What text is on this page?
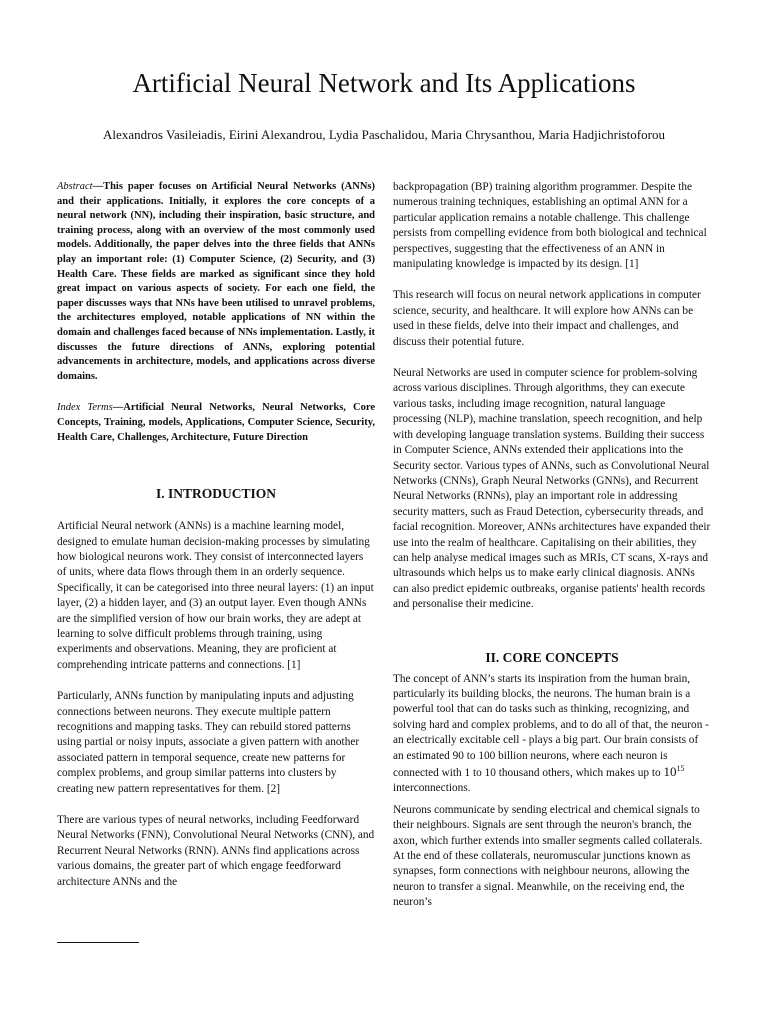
Artificial Neural Network and Its Applications
Alexandros Vasileiadis, Eirini Alexandrou, Lydia Paschalidou, Maria Chrysanthou, Maria Hadjichristoforou

Abstract—This paper focuses on Artificial Neural Networks (ANNs) and their applications. Initially, it explores the core concepts of a neural network (NN), including their inspiration, basic structure, and training process, along with an overview of the most commonly used models. Additionally, the paper delves into the three fields that ANNs play an important role: (1) Computer Science, (2) Security, and (3) Health Care. These fields are marked as significant since they hold great impact on various aspects of society. For each one field, the paper discusses ways that NNs have been utilised to unravel problems, the architectures employed, notable applications of NN within the domain and challenges faced because of NNs implementation. Lastly, it discusses the future directions of ANNs, exploring potential advancements in architecture, models, and applications across diverse domains.

Index Terms—Artificial Neural Networks, Neural Networks, Core Concepts, Training, models, Applications, Computer Science, Security, Health Care, Challenges, Architecture, Future Direction

I. INTRODUCTION

Artificial Neural network (ANNs) is a machine learning model, designed to emulate human decision-making processes by simulating how biological neurons work. They consist of interconnected layers of units, where data flows through them in an orderly sequence. Specifically, it can be categorised into three neural layers: (1) an input layer, (2) a hidden layer, and (3) an output layer. Even though ANNs are the simplified version of how our brain works, they are adept at learning to solve difficult problems through training, using experiments and observations. Meaning, they are proficient at comprehending intricate patterns and connections. [1]

Particularly, ANNs function by manipulating inputs and adjusting connections between neurons. They execute multiple pattern recognitions and mapping tasks. They can rebuild stored patterns using partial or noisy inputs, associate a given pattern with another associated pattern in temporal sequence, create new patterns for complex problems, and group similar patterns into clusters by creating new pattern representatives for them. [2]

There are various types of neural networks, including Feedforward Neural Networks (FNN), Convolutional Neural Networks (CNN), and Recurrent Neural Networks (RNN). ANNs find applications across various domains, the greater part of which engage feedforward architecture ANNs and the

backpropagation (BP) training algorithm programmer. Despite the numerous training techniques, establishing an optimal ANN for a particular application remains a notable challenge. This challenge persists from compelling evidence from both biological and technical perspectives, suggesting that the effectiveness of an ANN in manipulating knowledge is impacted by its design. [1]

This research will focus on neural network applications in computer science, security, and healthcare. It will explore how ANNs can be used in these fields, delve into their impact and challenges, and discuss their potential future.

Neural Networks are used in computer science for problem-solving across various disciplines. Through algorithms, they can execute various tasks, including image recognition, natural language processing (NLP), machine translation, speech recognition, and help with developing language translation systems. Building their success in Computer Science, ANNs extended their applications into the Security sector. Various types of ANNs, such as Convolutional Neural Networks (CNNs), Graph Neural Networks (GNNs), and Recurrent Neural Networks (RNNs), play an important role in addressing security matters, such as Fraud Detection, cybersecurity threads, and facial recognition. Moreover, ANNs architectures have expanded their use into the realm of healthcare. Capitalising on their abilities, they can help analyse medical images such as MRIs, CT scans, X-rays and ultrasounds which helps us to make early clinical diagnosis. ANNs can also predict epidemic outbreaks, organise patients' health records and personalise their medicine.

II. CORE CONCEPTS

The concept of ANN’s starts its inspiration from the human brain, particularly its building blocks, the neurons. The human brain is a powerful tool that can do tasks such as thinking, recognizing, and solving hard and complex problems, and to do all of that, the neuron - an electrically excitable cell - plays a big part. Our brain consists of an estimated 90 to 100 billion neurons, where each neuron is connected with 1 to 10 thousand others, which makes up to $10^{15}$ interconnections.

Neurons communicate by sending electrical and chemical signals to their neighbours. Signals are sent through the neuron's branch, the axon, which further extends into smaller segments called collaterals. At the end of these collaterals, neuromuscular junctions known as synapses, form connections with neighbour neurons, allowing the neuron to transfer a signal. Meanwhile, on the receiving end, the neuron’s
